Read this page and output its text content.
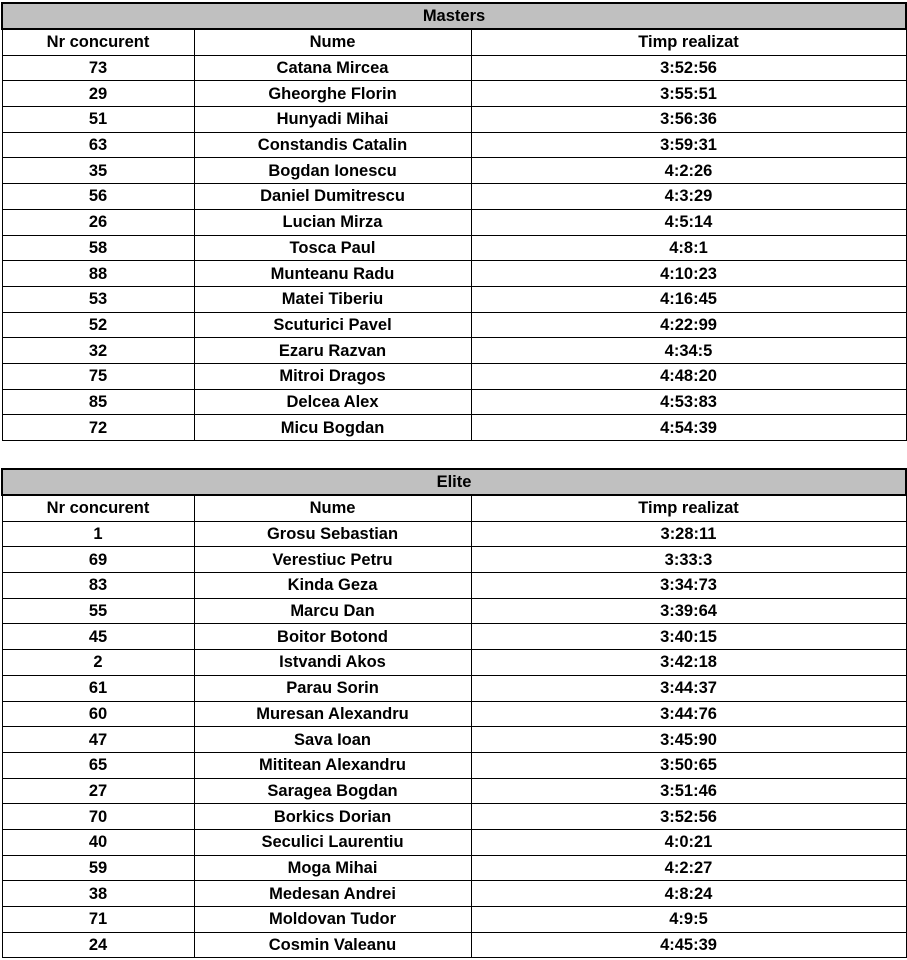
Masters		
Nr concurent	Nume	Timp realizat
73	Catana Mircea	3:52:56
29	Gheorghe Florin	3:55:51
51	Hunyadi Mihai	3:56:36
63	Constandis Catalin	3:59:31
35	Bogdan Ionescu	4:2:26
56	Daniel Dumitrescu	4:3:29
26	Lucian Mirza	4:5:14
58	Tosca Paul	4:8:1
88	Munteanu Radu	4:10:23
53	Matei Tiberiu	4:16:45
52	Scuturici Pavel	4:22:99
32	Ezaru Razvan	4:34:5
75	Mitroi Dragos	4:48:20
85	Delcea Alex	4:53:83
72	Micu Bogdan	4:54:39
Elite		
Nr concurent	Nume	Timp realizat
1	Grosu Sebastian	3:28:11
69	Verestiuc Petru	3:33:3
83	Kinda Geza	3:34:73
55	Marcu Dan	3:39:64
45	Boitor Botond	3:40:15
2	Istvandi Akos	3:42:18
61	Parau Sorin	3:44:37
60	Muresan Alexandru	3:44:76
47	Sava Ioan	3:45:90
65	Mititean Alexandru	3:50:65
27	Saragea Bogdan	3:51:46
70	Borkics Dorian	3:52:56
40	Seculici Laurentiu	4:0:21
59	Moga Mihai	4:2:27
38	Medesan Andrei	4:8:24
71	Moldovan Tudor	4:9:5
24	Cosmin Valeanu	4:45:39
